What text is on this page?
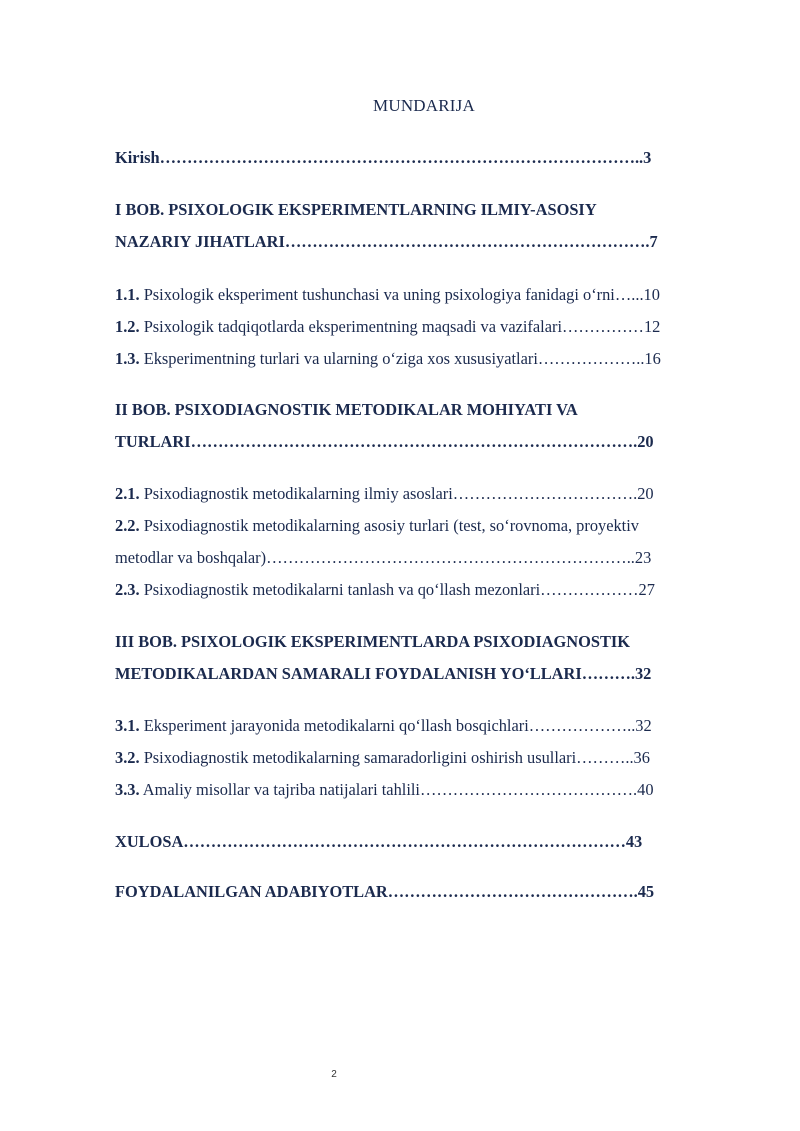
MUNDARIJA
Kirish……………………………………………………………………………..3
I BOB. PSIXOLOGIK EKSPERIMENTLARNING ILMIY-ASOSIY
NAZARIY JIHATLARI………………………………………………………….7
1.1. Psixologik eksperiment tushunchasi va uning psixologiya fanidagi o‘rni…...10
1.2. Psixologik tadqiqotlarda eksperimentning maqsadi va vazifalari……………12
1.3. Eksperimentning turlari va ularning o‘ziga xos xususiyatlari………………..16
II BOB. PSIXODIAGNOSTIK METODIKALAR MOHIYATI VA
TURLARI……………………………………………………………………….20
2.1. Psixodiagnostik metodikalarning ilmiy asoslari…………………………….20
2.2. Psixodiagnostik metodikalarning asosiy turlari (test, so‘rovnoma, proyektiv
metodlar va boshqalar)…………………………………………………………..23
2.3. Psixodiagnostik metodikalarni tanlash va qo‘llash mezonlari………………27
III BOB. PSIXOLOGIK EKSPERIMENTLARDA PSIXODIAGNOSTIK
METODIKALARDAN SAMARALI FOYDALANISH YO‘LLARI……….32
3.1. Eksperiment jarayonida metodikalarni qo‘llash bosqichlari………………..32
3.2. Psixodiagnostik metodikalarning samaradorligini oshirish usullari………..36
3.3. Amaliy misollar va tajriba natijalari tahlili………………………………….40
XULOSA………………………………………………………………………43
FOYDALANILGAN ADABIYOTLAR……………………………………….45
2
